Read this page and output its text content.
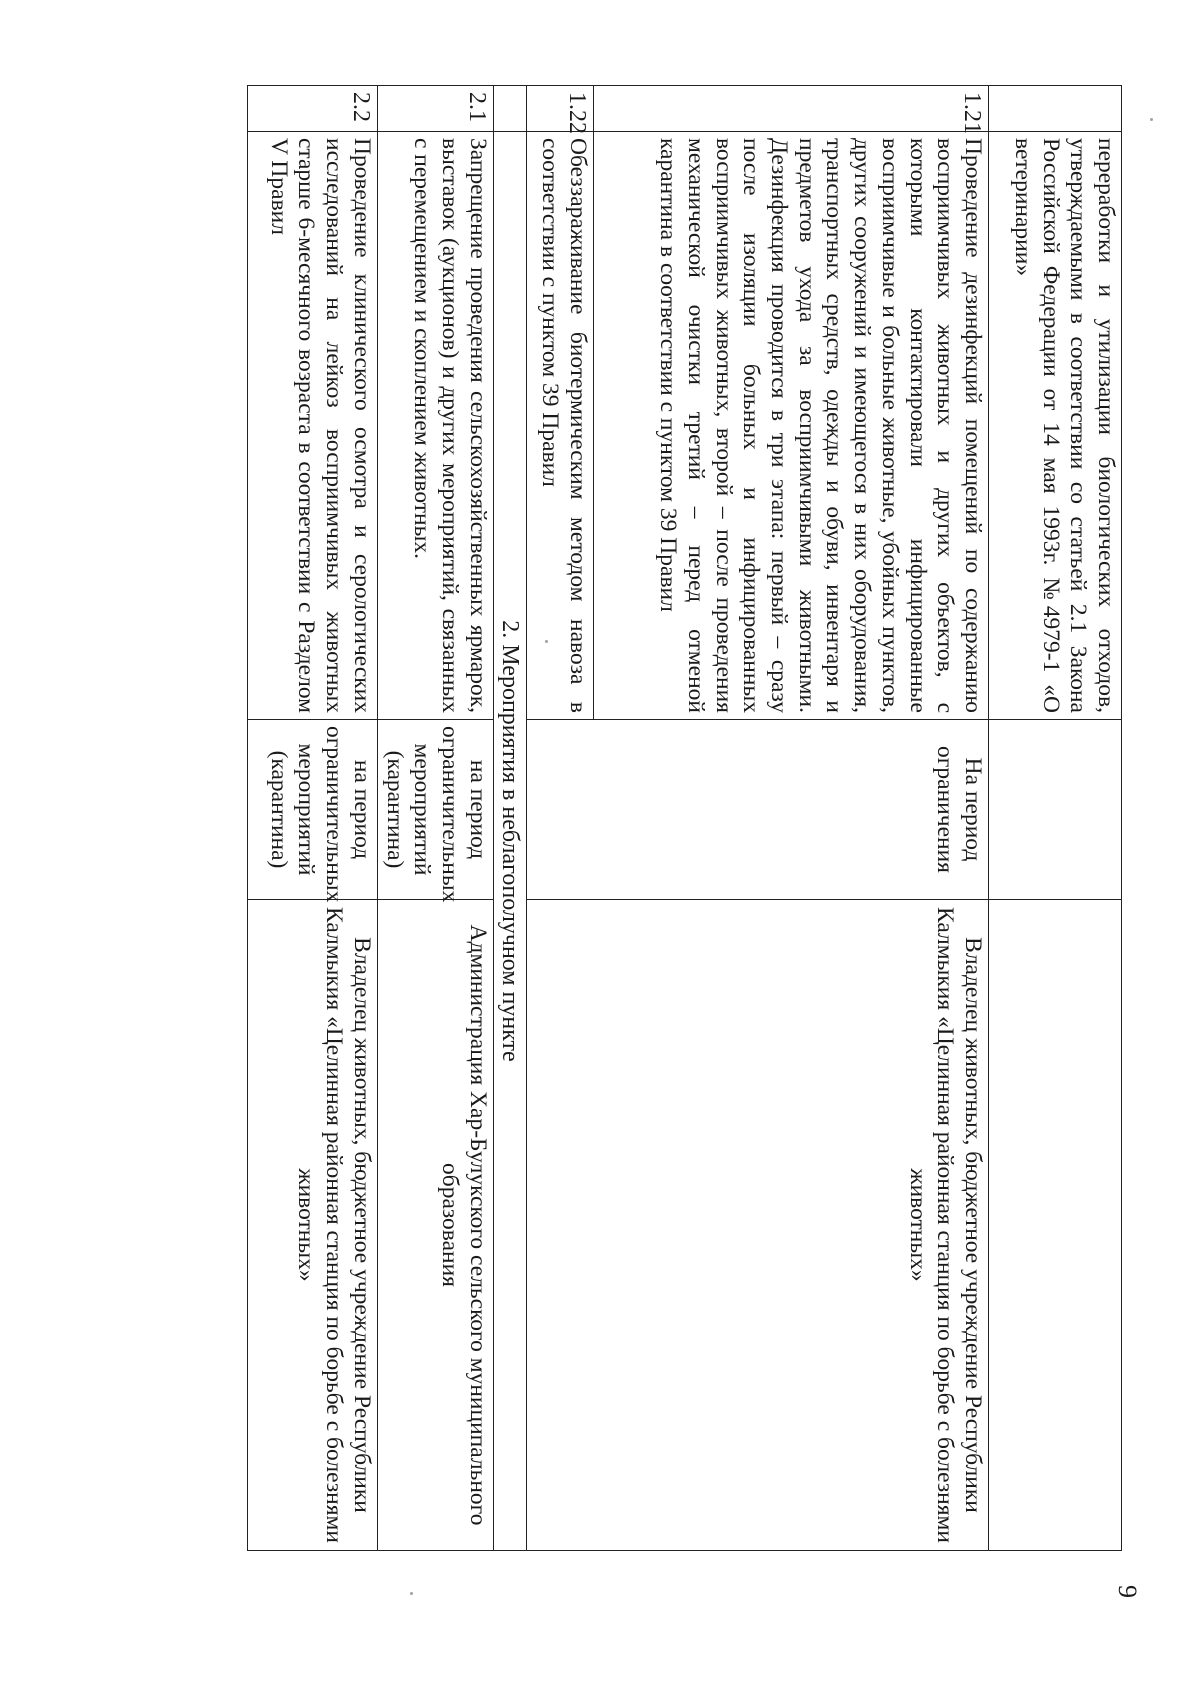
9
	переработки и утилизации биологических отходов, утверждаемыми в соответствии со статьей 2.1 Закона Российской Федерации от 14 мая 1993г. №4979-1 «О ветеринарии»		
1.21	Проведение дезинфекций помещений по содержанию восприимчивых животных и других объектов, с которыми контактировали инфицированные восприимчивые и больные животные, убойных пунктов, других сооружений и имеющегося в них оборудования, транспортных средств, одежды и обуви, инвентаря и предметов ухода за восприимчивыми животными. Дезинфекция проводится в три этапа: первый – сразу после изоляции больных и инфицированных восприимчивых животных, второй – после проведения механической очистки третий – перед отменой карантина в соответствии с пунктом 39 Правил	На период ограничения	Владелец животных, бюджетное учреждение Республики Калмыкия «Целинная районная станция по борьбе с болезнями животных»
1.22	Обеззараживание биотермическим методом навоза в соответствии с пунктом 39 Правил		
	2. Мероприятия в неблагополучном пункте		
2.1	Запрещение проведения сельскохозяйственных ярмарок, выставок (аукционов) и других мероприятий, связанных с перемещением и скоплением животных.	на период ограничительных мероприятий (карантина)	Администрация Хар-Булукского сельского муниципального образования
2.2	Проведение клинического осмотра и серологических исследований на лейкоз восприимчивых животных старше 6-месячного возраста в соответствии с Разделом V Правил	на период ограничительных мероприятий (карантина)	Владелец животных, бюджетное учреждение Республики Калмыкия «Целинная районная станция по борьбе с болезнями животных»
